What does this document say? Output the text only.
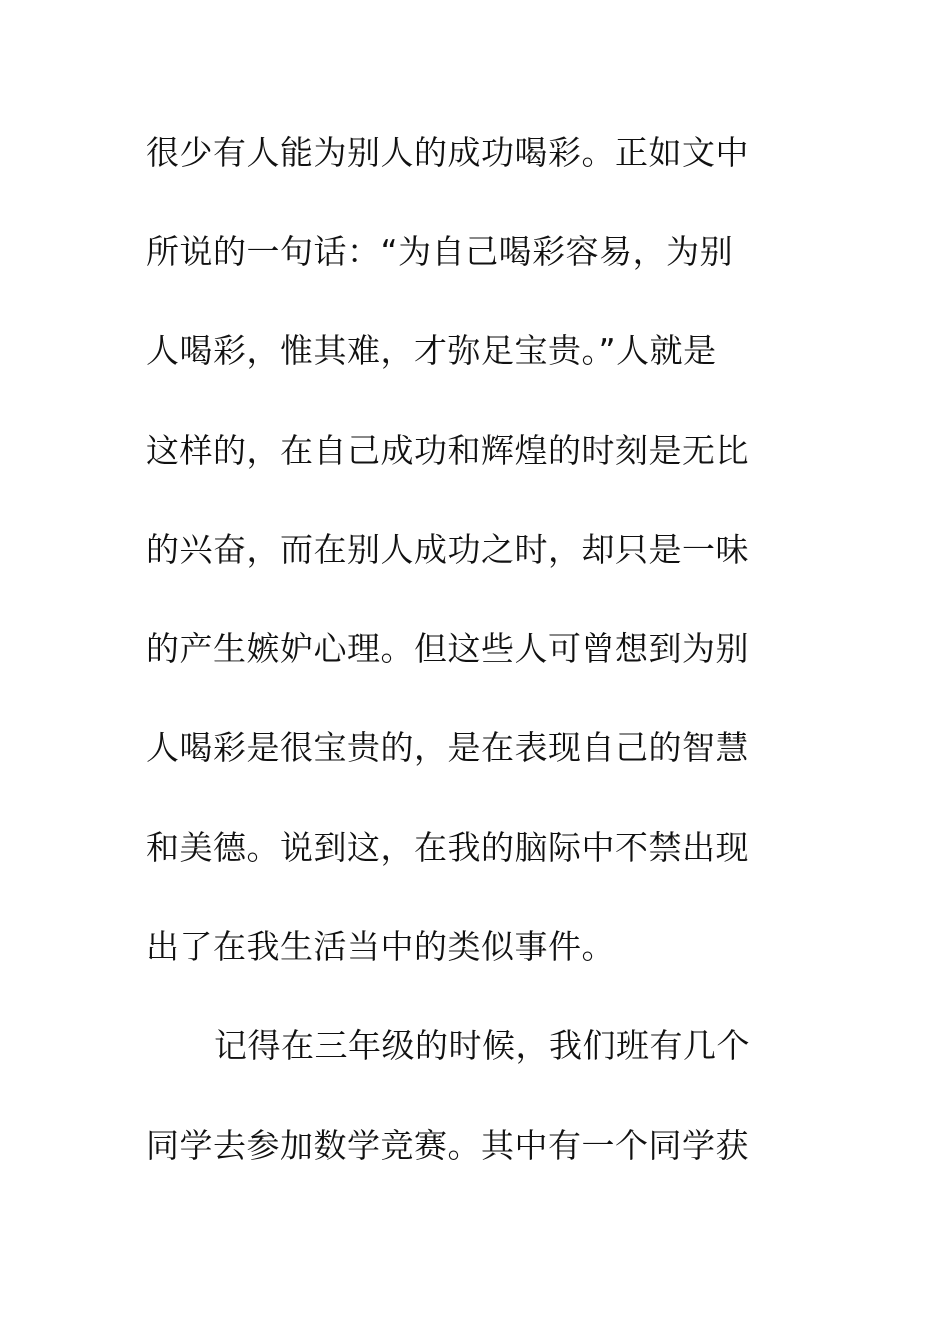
很少有人能为别人的成功喝彩。正如文中
所说的一句话：“为自己喝彩容易，为别
人喝彩，惟其难，才弥足宝贵。”人就是
这样的，在自己成功和辉煌的时刻是无比
的兴奋，而在别人成功之时，却只是一味
的产生嫉妒心理。但这些人可曾想到为别
人喝彩是很宝贵的，是在表现自己的智慧
和美德。说到这，在我的脑际中不禁出现
出了在我生活当中的类似事件。
记得在三年级的时候，我们班有几个
同学去参加数学竞赛。其中有一个同学获
